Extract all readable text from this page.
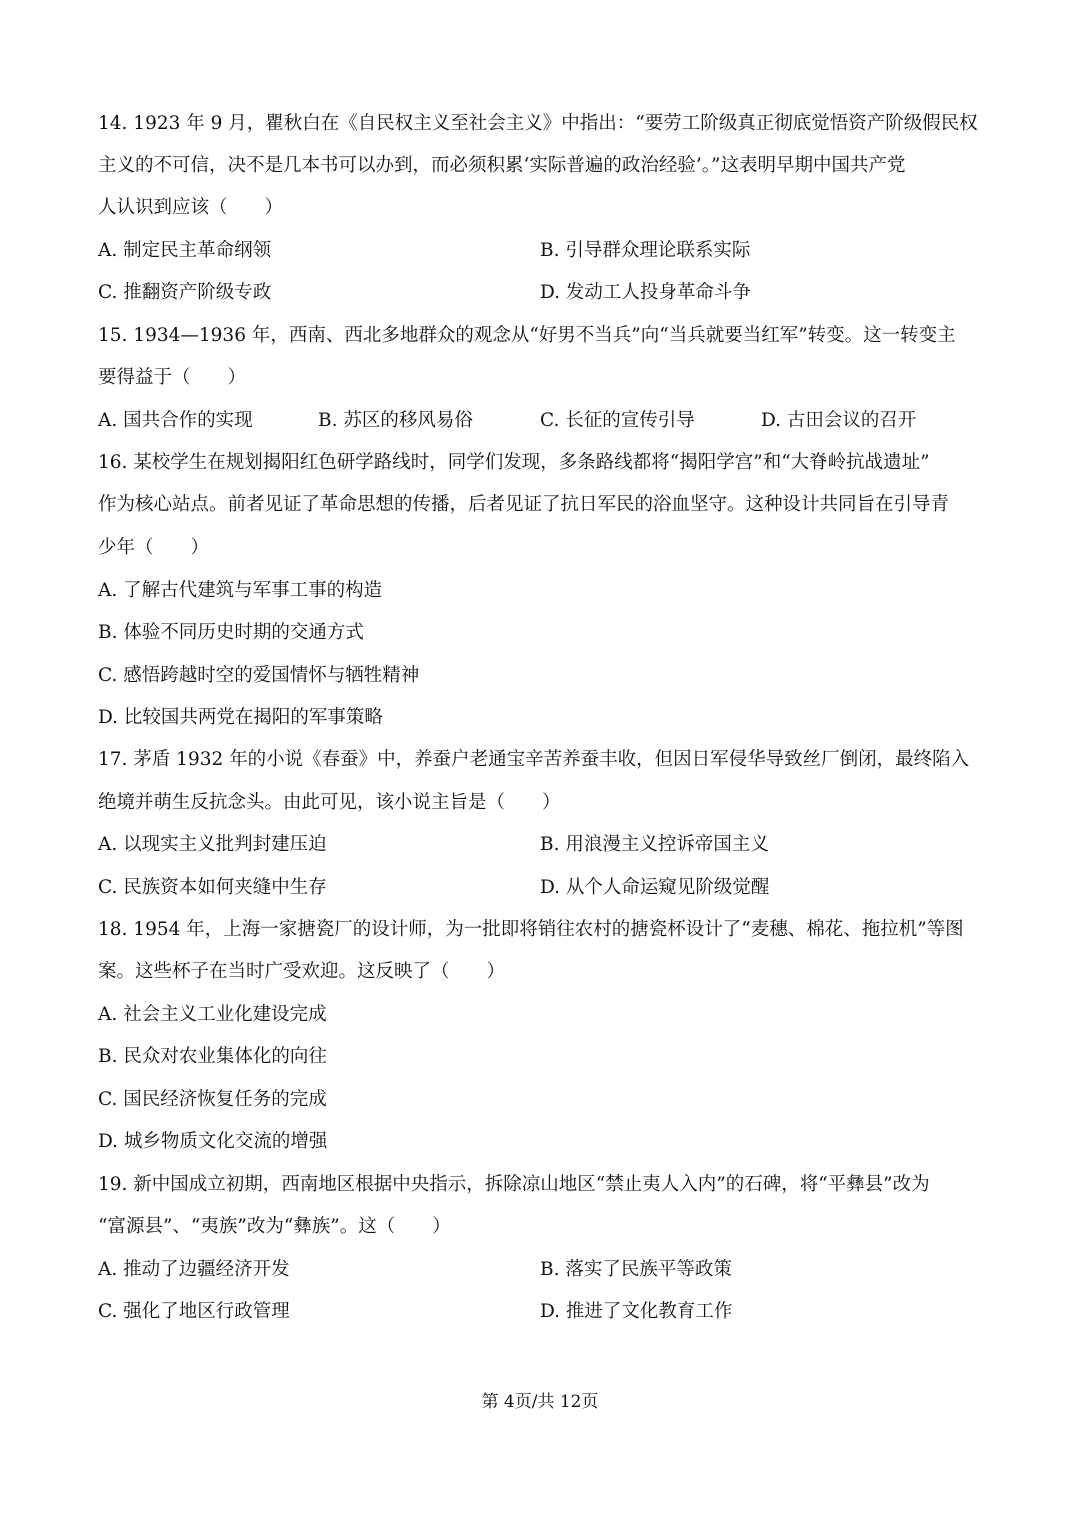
14. 1923 年 9 月，瞿秋白在《自民权主义至社会主义》中指出：“要劳工阶级真正彻底觉悟资产阶级假民权
主义的不可信，决不是几本书可以办到，而必须积累‘实际普遍的政治经验’。”这表明早期中国共产党
人认识到应该（　　）
A. 制定民主革命纲领	B. 引导群众理论联系实际
C. 推翻资产阶级专政	D. 发动工人投身革命斗争
15. 1934—1936 年，西南、西北多地群众的观念从“好男不当兵”向“当兵就要当红军”转变。这一转变主
要得益于（　　）
A. 国共合作的实现	B. 苏区的移风易俗	C. 长征的宣传引导	D. 古田会议的召开
16. 某校学生在规划揭阳红色研学路线时，同学们发现，多条路线都将“揭阳学宫”和“大脊岭抗战遗址”
作为核心站点。前者见证了革命思想的传播，后者见证了抗日军民的浴血坚守。这种设计共同旨在引导青
少年（　　）
A. 了解古代建筑与军事工事的构造
B. 体验不同历史时期的交通方式
C. 感悟跨越时空的爱国情怀与牺牲精神
D. 比较国共两党在揭阳的军事策略
17. 茅盾 1932 年的小说《春蚕》中，养蚕户老通宝辛苦养蚕丰收，但因日军侵华导致丝厂倒闭，最终陷入
绝境并萌生反抗念头。由此可见，该小说主旨是（　　）
A. 以现实主义批判封建压迫	B. 用浪漫主义控诉帝国主义
C. 民族资本如何夹缝中生存	D. 从个人命运窥见阶级觉醒
18. 1954 年，上海一家搪瓷厂的设计师，为一批即将销往农村的搪瓷杯设计了“麦穗、棉花、拖拉机”等图
案。这些杯子在当时广受欢迎。这反映了（　　）
A. 社会主义工业化建设完成
B. 民众对农业集体化的向往
C. 国民经济恢复任务的完成
D. 城乡物质文化交流的增强
19. 新中国成立初期，西南地区根据中央指示，拆除凉山地区“禁止夷人入内”的石碑，将“平彝县”改为
“富源县”、“夷族”改为“彝族”。这（　　）
A. 推动了边疆经济开发	B. 落实了民族平等政策
C. 强化了地区行政管理	D. 推进了文化教育工作
第 4页/共 12页
